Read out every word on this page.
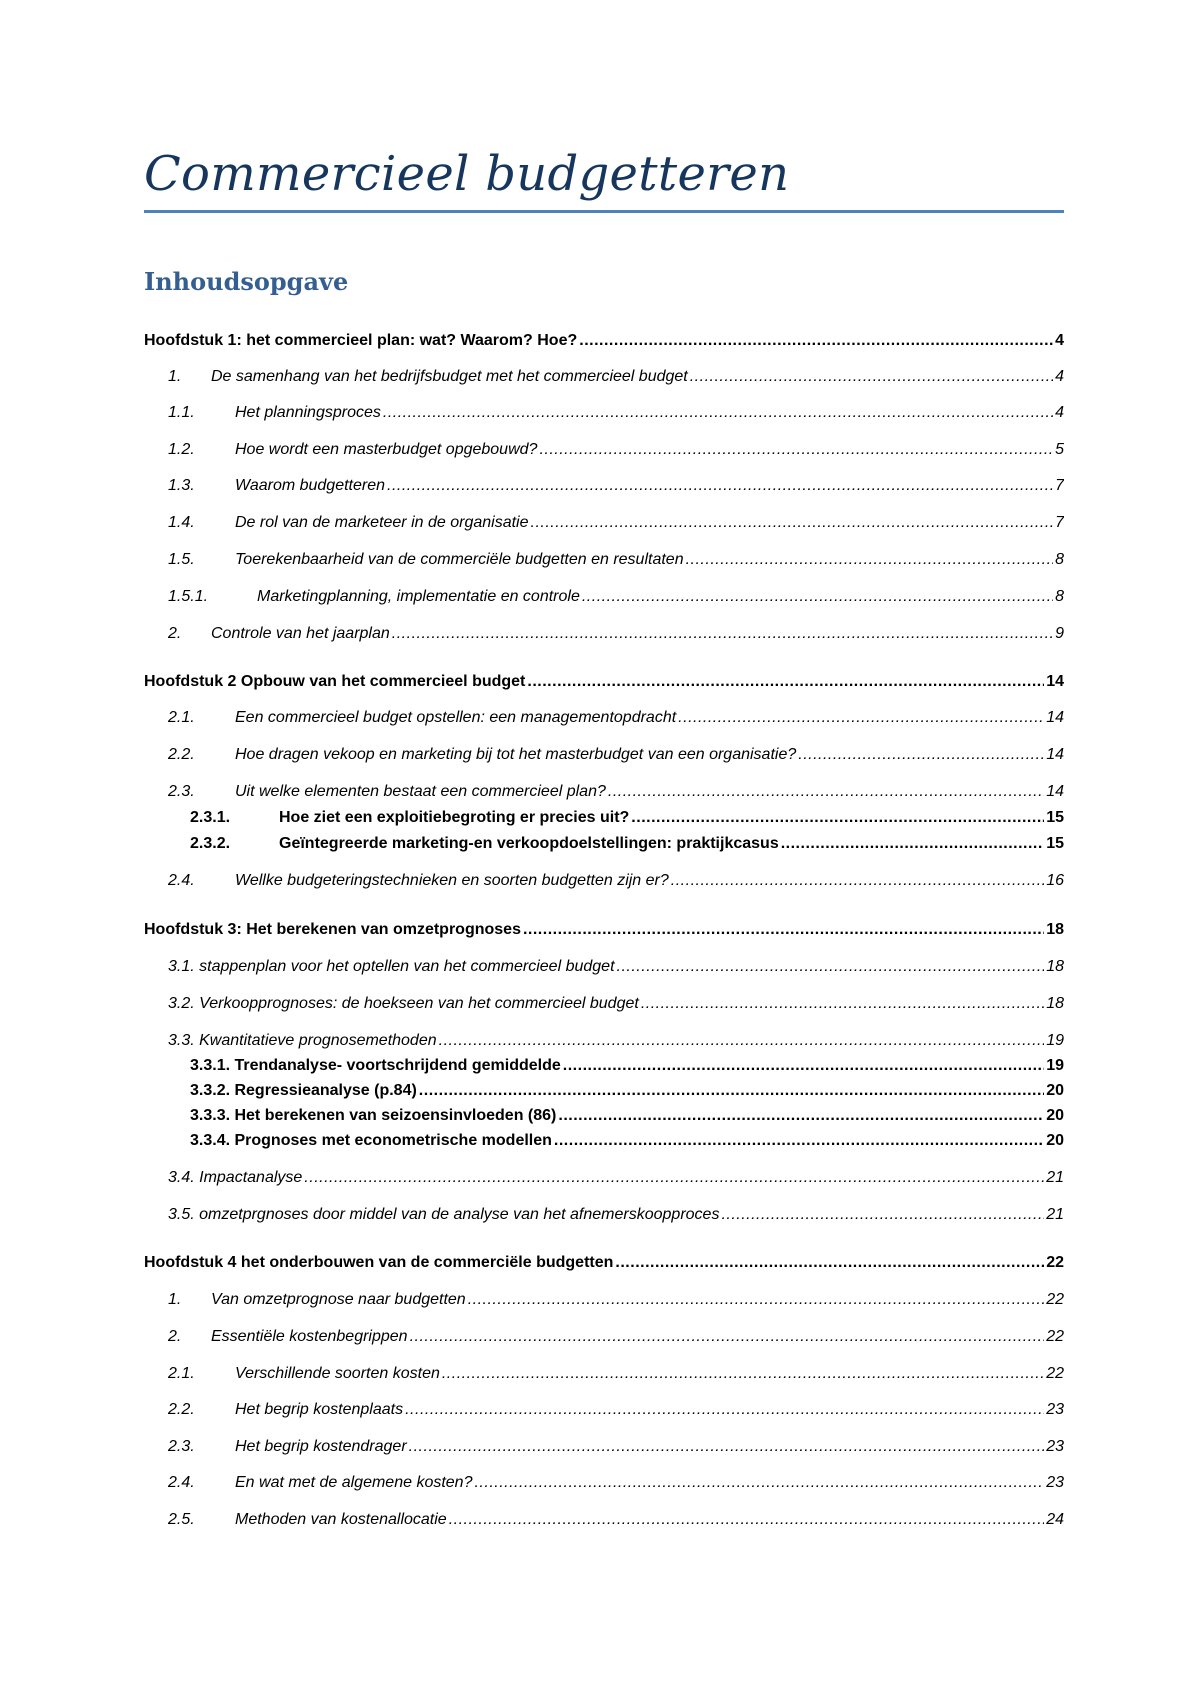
Commercieel budgetteren
Inhoudsopgave
Hoofdstuk 1: het commercieel plan: wat? Waarom? Hoe? .....	4
1.	De samenhang van het bedrijfsbudget met het commercieel budget .....	4
1.1.	Het planningsproces .....	4
1.2.	Hoe wordt een masterbudget opgebouwd? .....	5
1.3.	Waarom budgetteren .....	7
1.4.	De rol van de marketeer in de organisatie .....	7
1.5.	Toerekenbaarheid van de commerciële budgetten en resultaten .....	8
1.5.1.	Marketingplanning, implementatie en controle .....	8
2.	Controle van het jaarplan .....	9
Hoofdstuk 2 Opbouw van het commercieel budget .....	14
2.1.	Een commercieel budget opstellen: een managementopdracht .....	14
2.2.	Hoe dragen vekoop en marketing bij tot het masterbudget van een organisatie? .....	14
2.3.	Uit welke elementen bestaat een commercieel plan? .....	14
2.3.1.	Hoe ziet een exploitiebegroting er precies uit? .....	15
2.3.2.	Geïntegreerde marketing-en verkoopdoelstellingen: praktijkcasus .....	15
2.4.	Wellke budgeteringstechnieken en soorten budgetten zijn er? .....	16
Hoofdstuk 3: Het berekenen van omzetprognoses .....	18
3.1. stappenplan voor het optellen van het commercieel budget .....	18
3.2. Verkoopprognoses: de hoekseen van het commercieel budget .....	18
3.3. Kwantitatieve prognosemethoden .....	19
3.3.1. Trendanalyse- voortschrijdend gemiddelde .....	19
3.3.2. Regressieanalyse (p.84) .....	20
3.3.3. Het berekenen van seizoensinvloeden (86) .....	20
3.3.4. Prognoses met econometrische modellen .....	20
3.4. Impactanalyse .....	21
3.5. omzetprgnoses door middel van de analyse van het afnemerskoopproces .....	21
Hoofdstuk 4 het onderbouwen van de commerciële budgetten .....	22
1.	Van omzetprognose naar budgetten .....	22
2.	Essentiële kostenbegrippen .....	22
2.1.	Verschillende soorten kosten .....	22
2.2.	Het begrip kostenplaats .....	23
2.3.	Het begrip kostendrager .....	23
2.4.	En wat met de algemene kosten? .....	23
2.5.	Methoden van kostenallocatie .....	24
